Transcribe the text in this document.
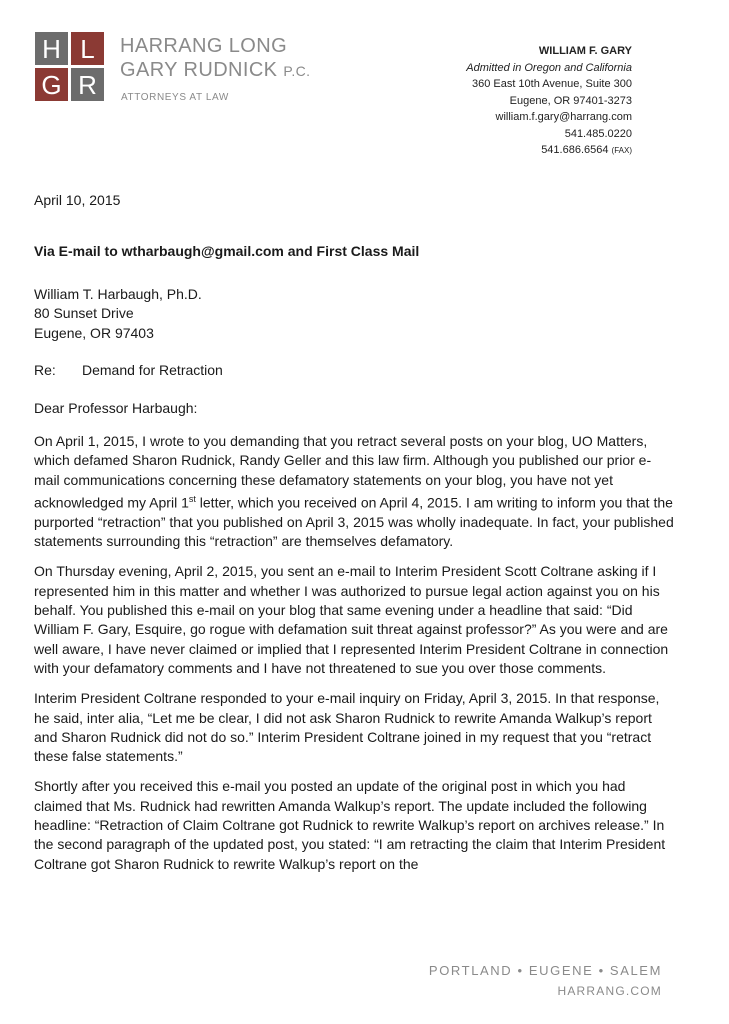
H L
G R
HARRANG LONG
GARY RUDNICK P.C.
ATTORNEYS AT LAW
WILLIAM F. GARY
Admitted in Oregon and California
360 East 10th Avenue, Suite 300
Eugene, OR 97401-3273
william.f.gary@harrang.com
541.485.0220
541.686.6564 (FAX)
April 10, 2015
Via E-mail to wtharbaugh@gmail.com and First Class Mail
William T. Harbaugh, Ph.D.
80 Sunset Drive
Eugene, OR 97403
Re: Demand for Retraction
Dear Professor Harbaugh:

On April 1, 2015, I wrote to you demanding that you retract several posts on your blog, UO Matters, which defamed Sharon Rudnick, Randy Geller and this law firm. Although you published our prior e-mail communications concerning these defamatory statements on your blog, you have not yet acknowledged my April 1st letter, which you received on April 4, 2015. I am writing to inform you that the purported “retraction” that you published on April 3, 2015 was wholly inadequate. In fact, your published statements surrounding this “retraction” are themselves defamatory.

On Thursday evening, April 2, 2015, you sent an e-mail to Interim President Scott Coltrane asking if I represented him in this matter and whether I was authorized to pursue legal action against you on his behalf. You published this e-mail on your blog that same evening under a headline that said: “Did William F. Gary, Esquire, go rogue with defamation suit threat against professor?” As you were and are well aware, I have never claimed or implied that I represented Interim President Coltrane in connection with your defamatory comments and I have not threatened to sue you over those comments.

Interim President Coltrane responded to your e-mail inquiry on Friday, April 3, 2015. In that response, he said, inter alia, “Let me be clear, I did not ask Sharon Rudnick to rewrite Amanda Walkup’s report and Sharon Rudnick did not do so.” Interim President Coltrane joined in my request that you “retract these false statements.”

Shortly after you received this e-mail you posted an update of the original post in which you had claimed that Ms. Rudnick had rewritten Amanda Walkup’s report. The update included the following headline: “Retraction of Claim Coltrane got Rudnick to rewrite Walkup’s report on archives release.” In the second paragraph of the updated post, you stated: “I am retracting the claim that Interim President Coltrane got Sharon Rudnick to rewrite Walkup’s report on the

PORTLAND • EUGENE • SALEM
HARRANG.COM
